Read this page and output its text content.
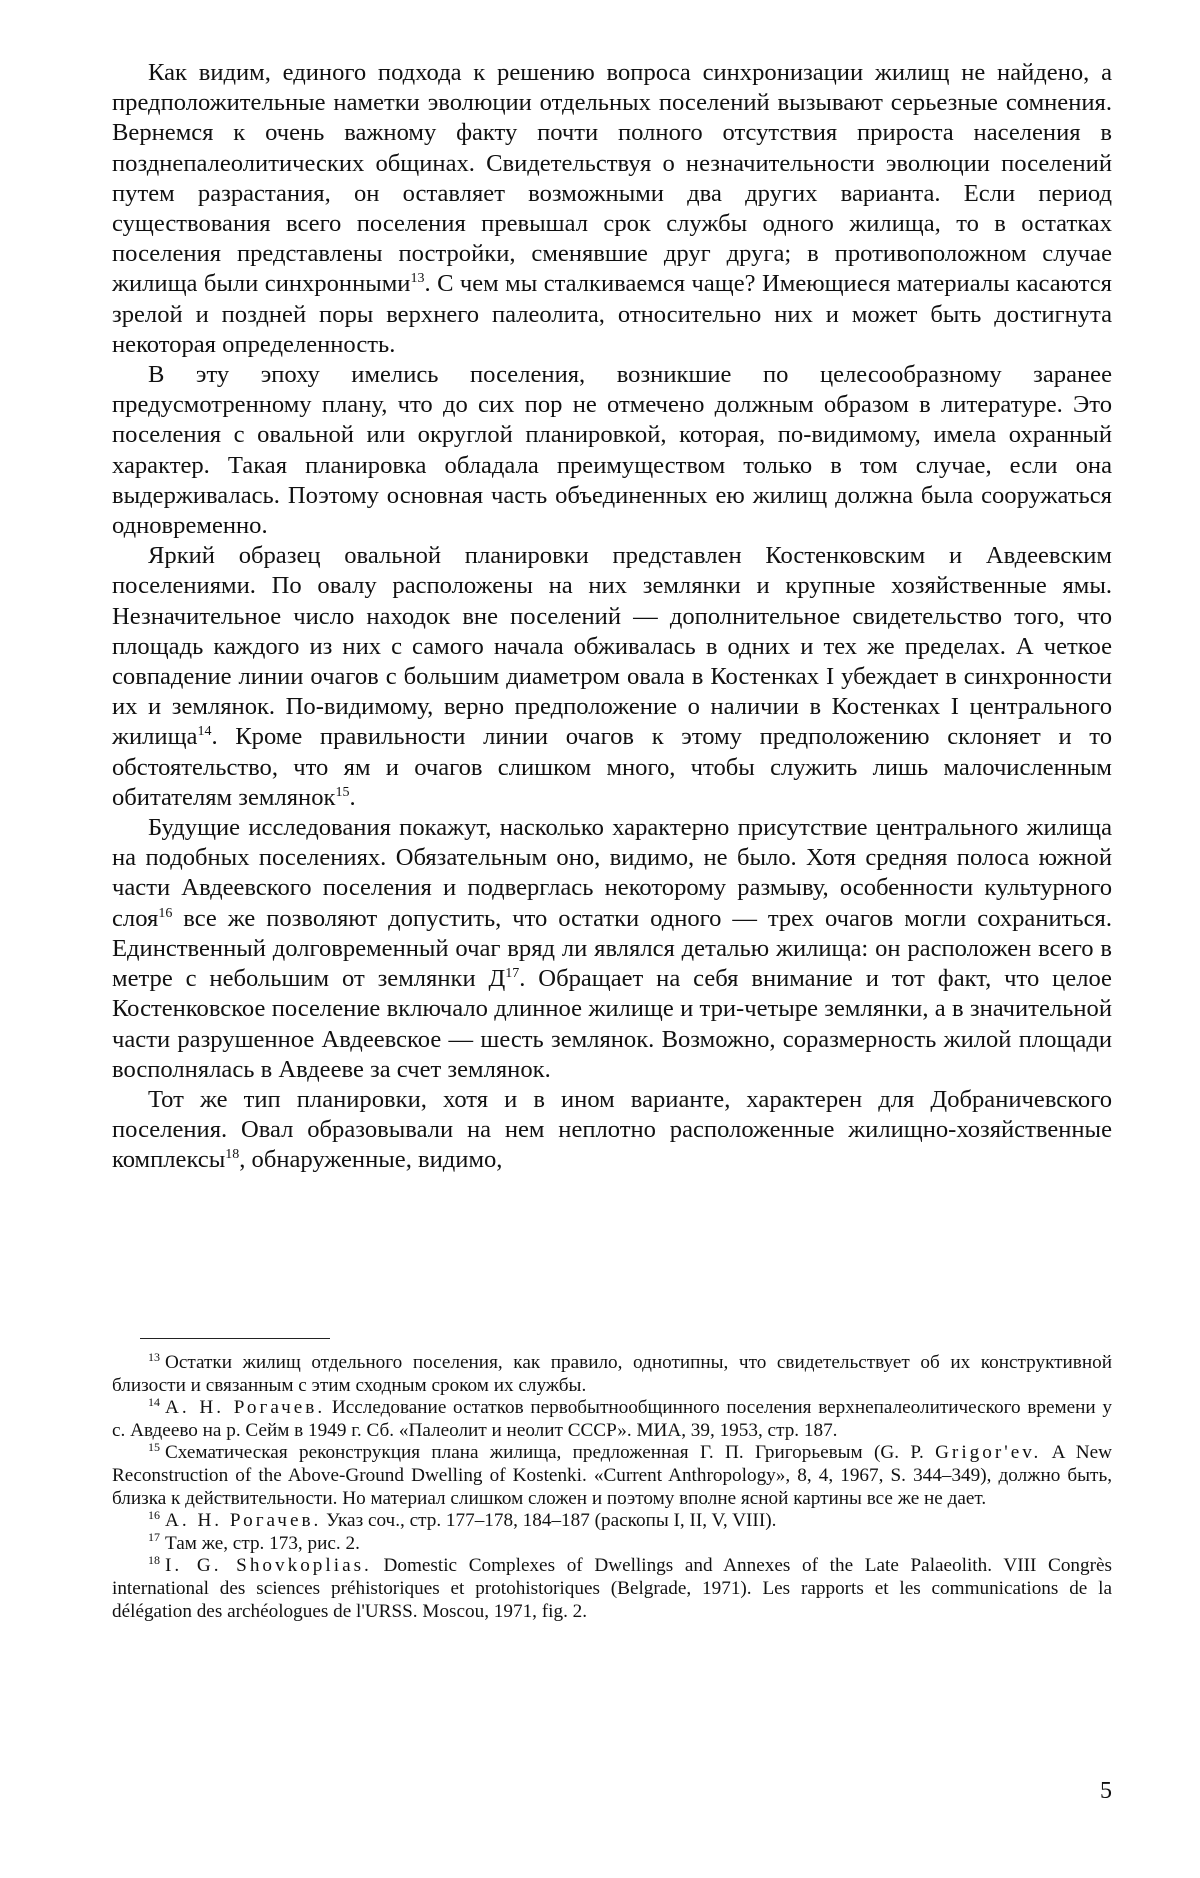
Как видим, единого подхода к решению вопроса синхронизации жилищ не найдено, а предположительные наметки эволюции отдельных поселений вызывают серьезные сомнения. Вернемся к очень важному факту почти полного отсутствия прироста населения в позднепалеолитических общинах. Свидетельствуя о незначительности эволюции поселений путем разрастания, он оставляет возможными два других варианта. Если период существования всего поселения превышал срок службы одного жилища, то в остатках поселения представлены постройки, сменявшие друг друга; в противоположном случае жилища были синхронными$^{13}$. С чем мы сталкиваемся чаще? Имеющиеся материалы касаются зрелой и поздней поры верхнего палеолита, относительно них и может быть достигнута некоторая определенность.

В эту эпоху имелись поселения, возникшие по целесообразному заранее предусмотренному плану, что до сих пор не отмечено должным образом в литературе. Это поселения с овальной или округлой планировкой, которая, по-видимому, имела охранный характер. Такая планировка обладала преимуществом только в том случае, если она выдерживалась. Поэтому основная часть объединенных ею жилищ должна была сооружаться одновременно.

Яркий образец овальной планировки представлен Костенковским и Авдеевским поселениями. По овалу расположены на них землянки и крупные хозяйственные ямы. Незначительное число находок вне поселений — дополнительное свидетельство того, что площадь каждого из них с самого начала обживалась в одних и тех же пределах. А четкое совпадение линии очагов с большим диаметром овала в Костенках I убеждает в синхронности их и землянок. По-видимому, верно предположение о наличии в Костенках I центрального жилища$^{14}$. Кроме правильности линии очагов к этому предположению склоняет и то обстоятельство, что ям и очагов слишком много, чтобы служить лишь малочисленным обитателям землянок$^{15}$.

Будущие исследования покажут, насколько характерно присутствие центрального жилища на подобных поселениях. Обязательным оно, видимо, не было. Хотя средняя полоса южной части Авдеевского поселения и подверглась некоторому размыву, особенности культурного слоя$^{16}$ все же позволяют допустить, что остатки одного — трех очагов могли сохраниться. Единственный долговременный очаг вряд ли являлся деталью жилища: он расположен всего в метре с небольшим от землянки $Д^{17}$. Обращает на себя внимание и тот факт, что целое Костенковское поселение включало длинное жилище и три-четыре землянки, а в значительной части разрушенное Авдеевское — шесть землянок. Возможно, соразмерность жилой площади восполнялась в Авдееве за счет землянок.

Тот же тип планировки, хотя и в ином варианте, характерен для Добраничевского поселения. Овал образовывали на нем неплотно расположенные жилищно-хозяйственные комплексы$^{18}$, обнаруженные, видимо,

$^{13}$ Остатки жилищ отдельного поселения, как правило, однотипны, что свидетельствует об их конструктивной близости и связанным с этим сходным сроком их службы.

$^{14}$ А. Н. Рогачев. Исследование остатков первобытнообщинного поселения верхнепалеолитического времени у с. Авдеево на р. Сейм в 1949 г. Сб. «Палеолит и неолит СССР». МИА, 39, 1953, стр. 187.

$^{15}$ Схематическая реконструкция плана жилища, предложенная Г. П. Григорьевым (G. P. Grigor'ev. A New Reconstruction of the Above-Ground Dwelling of Kostenki. «Current Anthropology», 8, 4, 1967, S. 344–349), должно быть, близка к действительности. Но материал слишком сложен и поэтому вполне ясной картины все же не дает.

$^{16}$ А. Н. Рогачев. Указ соч., стр. 177–178, 184–187 (раскопы I, II, V, VIII).

$^{17}$ Там же, стр. 173, рис. 2.

$^{18}$ I. G. Shovkoplias. Domestic Complexes of Dwellings and Annexes of the Late Palaeolith. VIII Congrès international des sciences préhistoriques et protohistoriques (Belgrade, 1971). Les rapports et les communications de la délégation des archéologues de l'URSS. Moscou, 1971, fig. 2.

5
